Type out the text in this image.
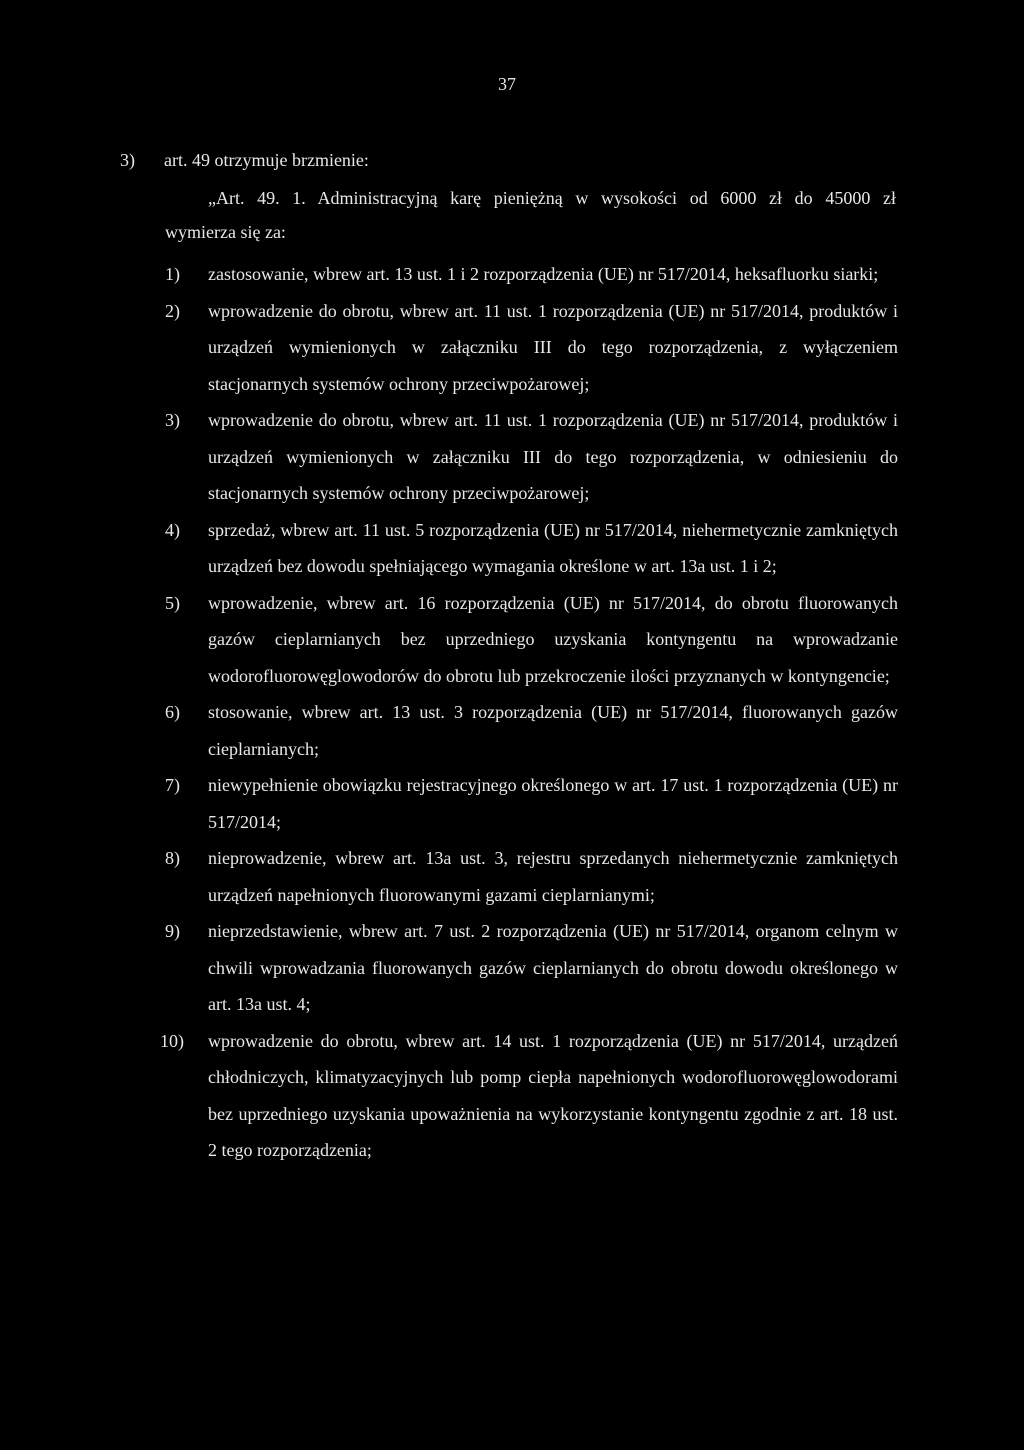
37
3) art. 49 otrzymuje brzmienie:
„Art. 49. 1. Administracyjną karę pieniężną w wysokości od 6000 zł do 45000 zł
wymierza się za:
1) zastosowanie, wbrew art. 13 ust. 1 i 2 rozporządzenia (UE) nr 517/2014, heksafluorku siarki;
2) wprowadzenie do obrotu, wbrew art. 11 ust. 1 rozporządzenia (UE) nr 517/2014, produktów i urządzeń wymienionych w załączniku III do tego rozporządzenia, z wyłączeniem stacjonarnych systemów ochrony przeciwpożarowej;
3) wprowadzenie do obrotu, wbrew art. 11 ust. 1 rozporządzenia (UE) nr 517/2014, produktów i urządzeń wymienionych w załączniku III do tego rozporządzenia, w odniesieniu do stacjonarnych systemów ochrony przeciwpożarowej;
4) sprzedaż, wbrew art. 11 ust. 5 rozporządzenia (UE) nr 517/2014, niehermetycznie zamkniętych urządzeń bez dowodu spełniającego wymagania określone w art. 13a ust. 1 i 2;
5) wprowadzenie, wbrew art. 16 rozporządzenia (UE) nr 517/2014, do obrotu fluorowanych gazów cieplarnianych bez uprzedniego uzyskania kontyngentu na wprowadzanie wodorofluorowęglowodorów do obrotu lub przekroczenie ilości przyznanych w kontyngencie;
6) stosowanie, wbrew art. 13 ust. 3 rozporządzenia (UE) nr 517/2014, fluorowanych gazów cieplarnianych;
7) niewypełnienie obowiązku rejestracyjnego określonego w art. 17 ust. 1 rozporządzenia (UE) nr 517/2014;
8) nieprowadzenie, wbrew art. 13a ust. 3, rejestru sprzedanych niehermetycznie zamkniętych urządzeń napełnionych fluorowanymi gazami cieplarnianymi;
9) nieprzedstawienie, wbrew art. 7 ust. 2 rozporządzenia (UE) nr 517/2014, organom celnym w chwili wprowadzania fluorowanych gazów cieplarnianych do obrotu dowodu określonego w art. 13a ust. 4;
10) wprowadzenie do obrotu, wbrew art. 14 ust. 1 rozporządzenia (UE) nr 517/2014, urządzeń chłodniczych, klimatyzacyjnych lub pomp ciepła napełnionych wodorofluorowęglowodorami bez uprzedniego uzyskania upoważnienia na wykorzystanie kontyngentu zgodnie z art. 18 ust. 2 tego rozporządzenia;
